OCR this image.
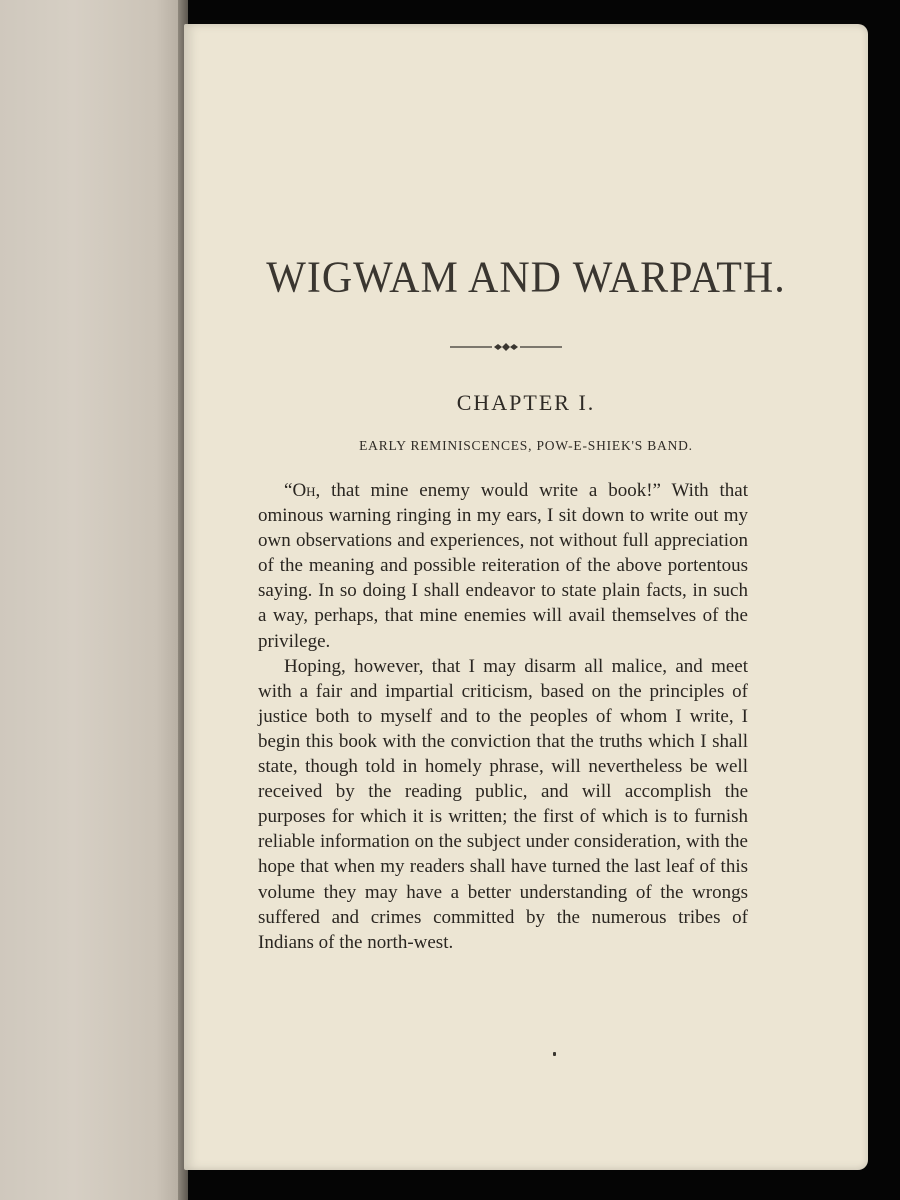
WIGWAM AND WARPATH.
CHAPTER I.
EARLY REMINISCENCES, POW-E-SHIEK'S BAND.

“Oh, that mine enemy would write a book!” With that ominous warning ringing in my ears, I sit down to write out my own observations and experiences, not without full appreciation of the meaning and possible reiteration of the above portentous saying. In so doing I shall endeavor to state plain facts, in such a way, perhaps, that mine enemies will avail themselves of the privilege.

Hoping, however, that I may disarm all malice, and meet with a fair and impartial criticism, based on the principles of justice both to myself and to the peoples of whom I write, I begin this book with the conviction that the truths which I shall state, though told in homely phrase, will nevertheless be well received by the reading public, and will accomplish the purposes for which it is written; the first of which is to furnish reliable information on the subject under consideration, with the hope that when my readers shall have turned the last leaf of this volume they may have a better understanding of the wrongs suffered and crimes committed by the numerous tribes of Indians of the north-west.
